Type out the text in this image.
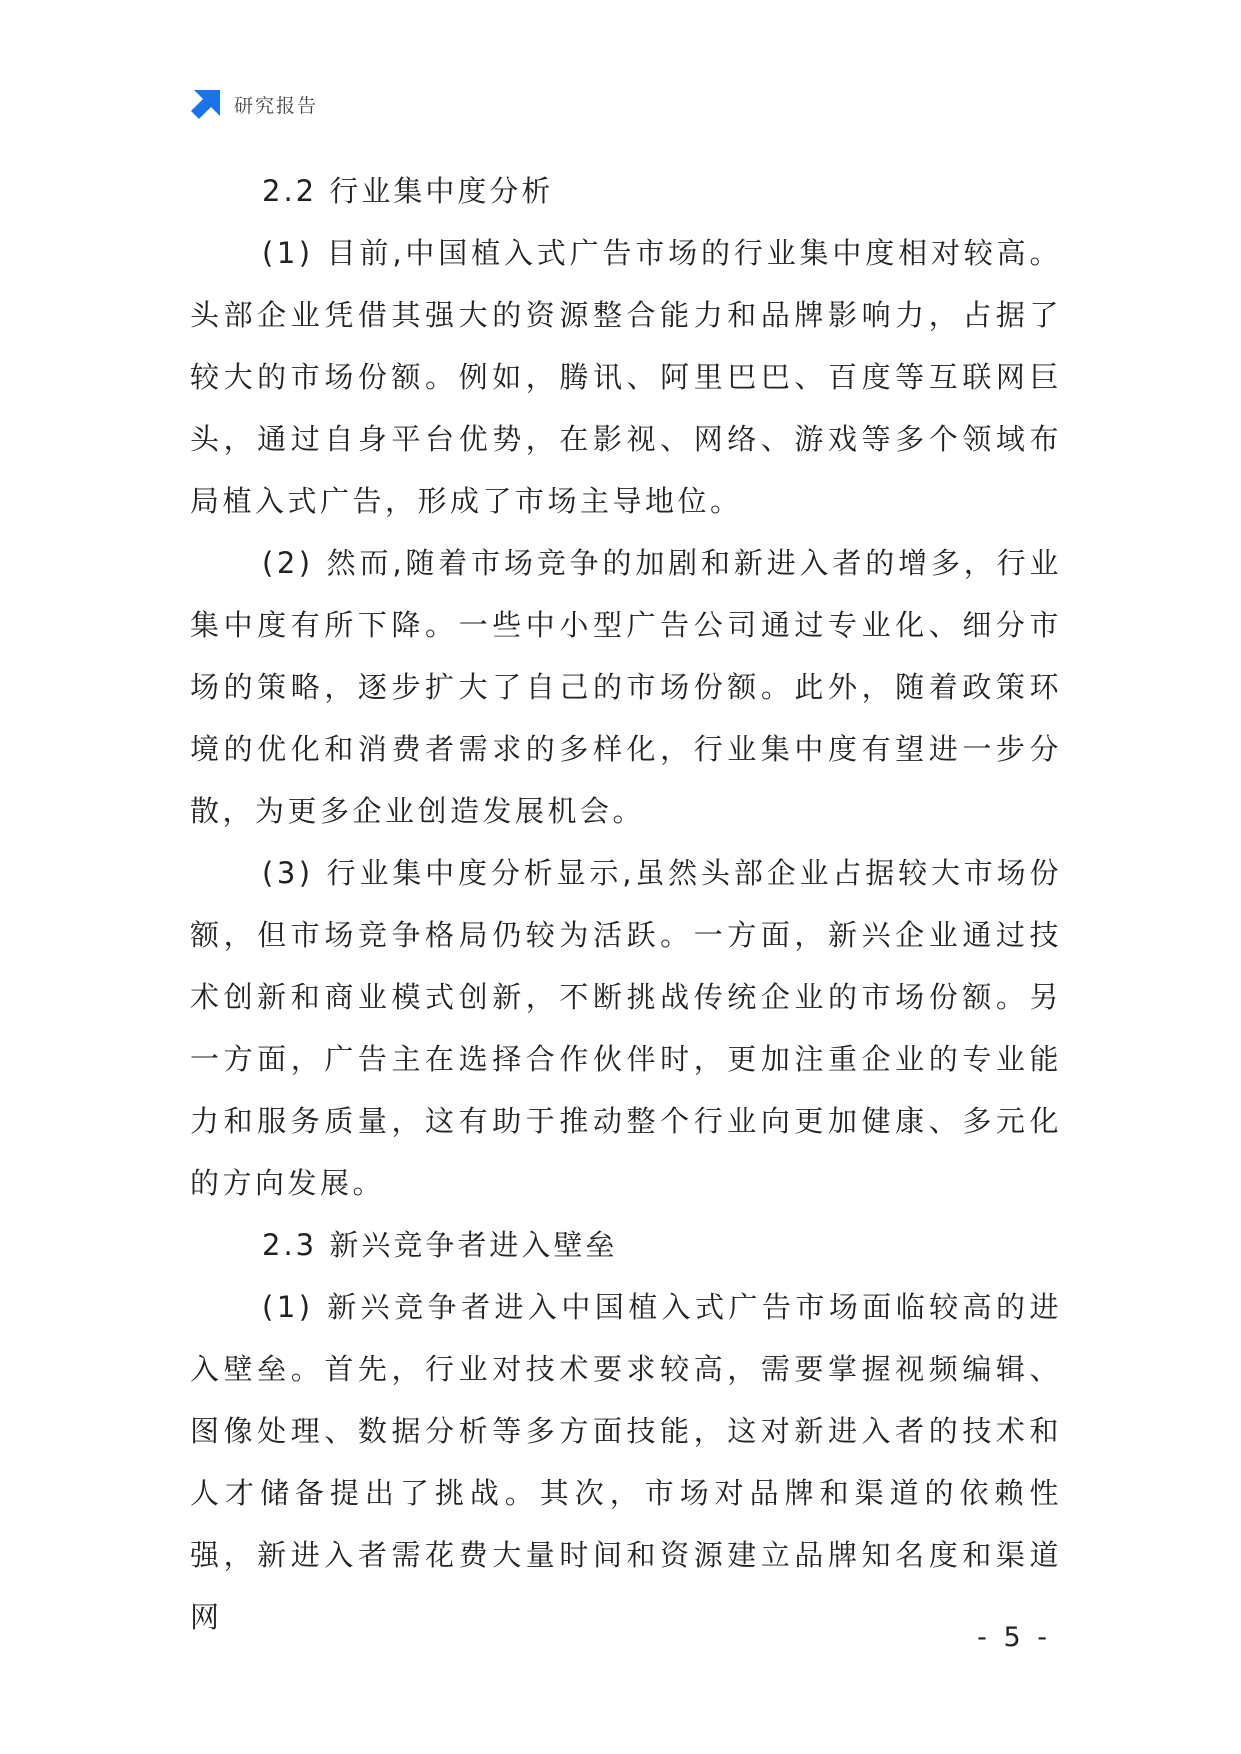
研究报告
2.2 行业集中度分析

(1) 目前,中国植入式广告市场的行业集中度相对较高。头部企业凭借其强大的资源整合能力和品牌影响力，占据了较大的市场份额。例如，腾讯、阿里巴巴、百度等互联网巨头，通过自身平台优势，在影视、网络、游戏等多个领域布局植入式广告，形成了市场主导地位。

(2) 然而,随着市场竞争的加剧和新进入者的增多，行业集中度有所下降。一些中小型广告公司通过专业化、细分市场的策略，逐步扩大了自己的市场份额。此外，随着政策环境的优化和消费者需求的多样化，行业集中度有望进一步分散，为更多企业创造发展机会。

(3) 行业集中度分析显示,虽然头部企业占据较大市场份额，但市场竞争格局仍较为活跃。一方面，新兴企业通过技术创新和商业模式创新，不断挑战传统企业的市场份额。另一方面，广告主在选择合作伙伴时，更加注重企业的专业能力和服务质量，这有助于推动整个行业向更加健康、多元化的方向发展。

2.3 新兴竞争者进入壁垒

(1) 新兴竞争者进入中国植入式广告市场面临较高的进入壁垒。首先，行业对技术要求较高，需要掌握视频编辑、图像处理、数据分析等多方面技能，这对新进入者的技术和人才储备提出了挑战。其次，市场对品牌和渠道的依赖性强，新进入者需花费大量时间和资源建立品牌知名度和渠道网

- 5 -
